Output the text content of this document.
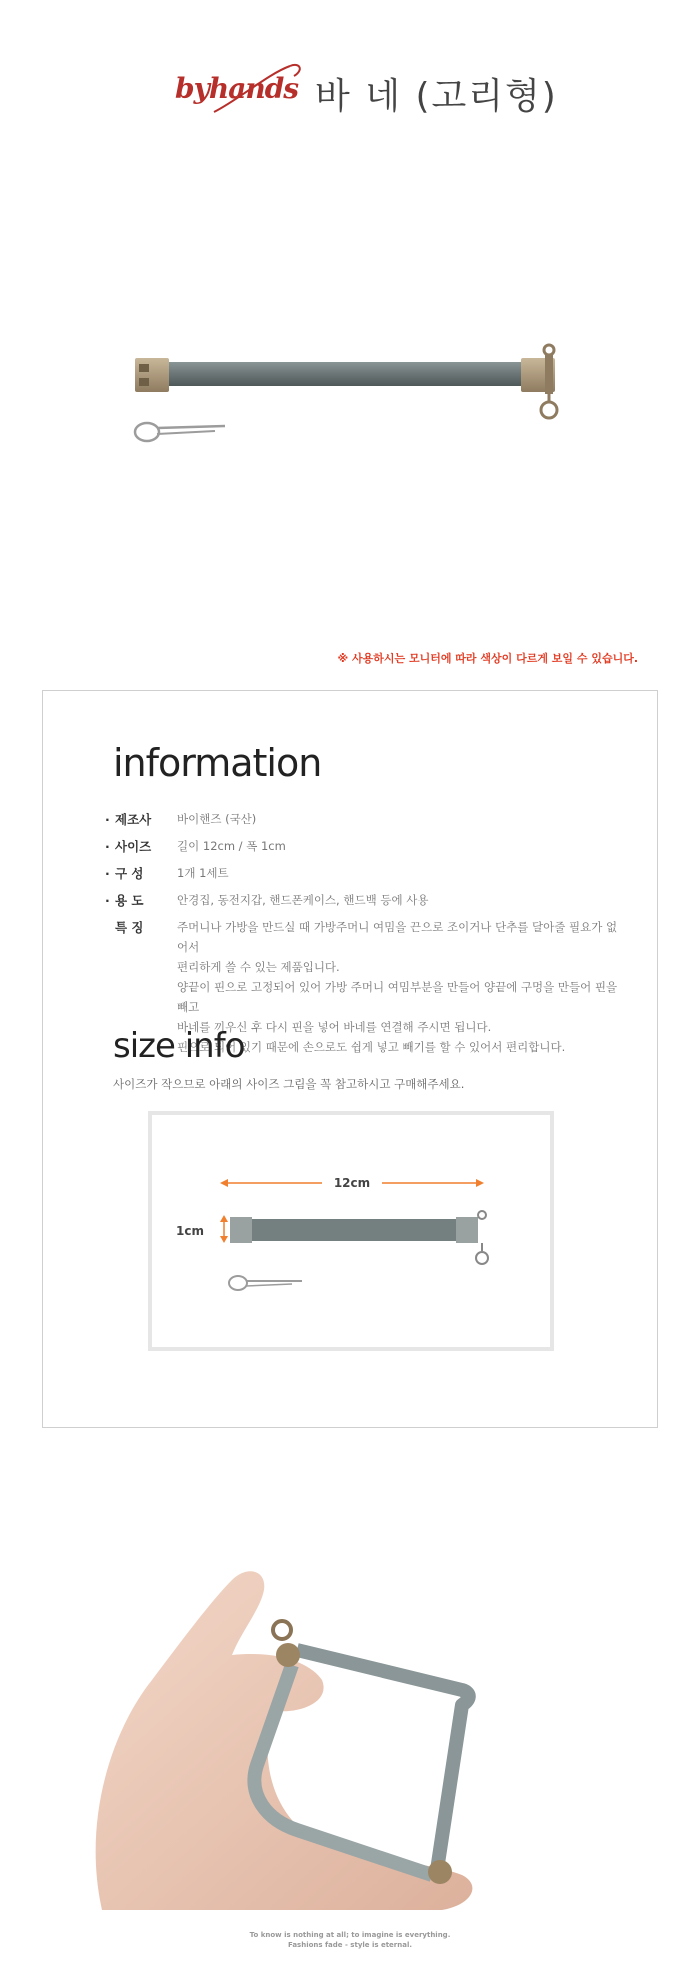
byhands 바 네 (고리형)
※ 사용하시는 모니터에 따라 색상이 다르게 보일 수 있습니다.
information
· 제조사	바이핸즈 (국산)
· 사이즈	길이 12cm / 폭 1cm
· 구 성	1개 1세트
· 용 도	안경집, 동전지갑, 핸드폰케이스, 핸드백 등에 사용
특 징	주머니나 가방을 만드실 때 가방주머니 여밈을 끈으로 조이거나 단추를 달아줄 필요가 없어서
편리하게 쓸 수 있는 제품입니다.
양끝이 핀으로 고정되어 있어 가방 주머니 여밈부분을 만들어 양끝에 구멍을 만들어 핀을 빼고
바네를 끼우신 후 다시 핀을 넣어 바네를 연결해 주시면 됩니다.
핀으로 되어 있기 때문에 손으로도 쉽게 넣고 빼기를 할 수 있어서 편리합니다.
size info
사이즈가 작으므로 아래의 사이즈 그림을 꼭 참고하시고 구매해주세요.
12cm
1cm
To know is nothing at all; to imagine is everything.
Fashions fade - style is eternal.
